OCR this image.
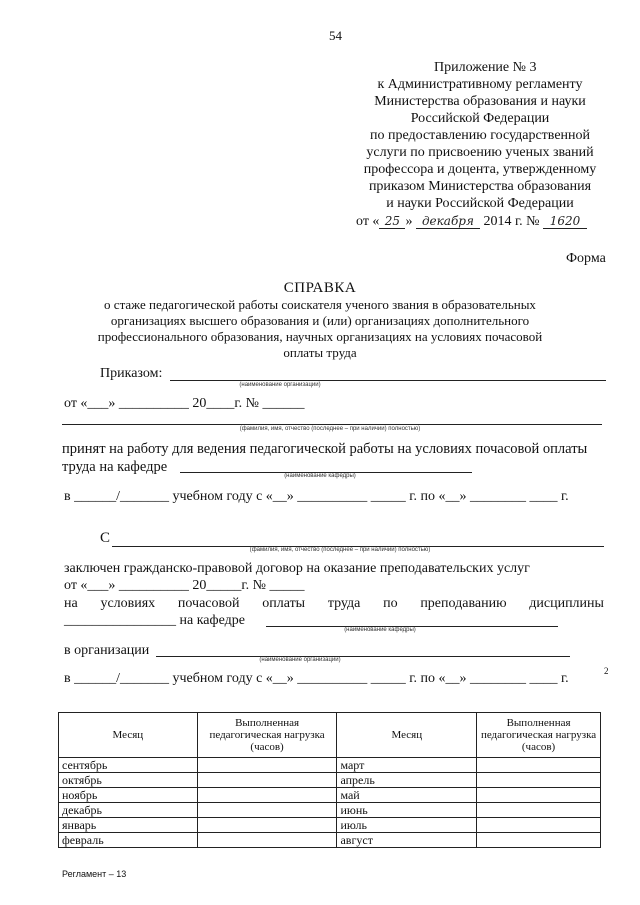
54
Приложение № 3
к Административному регламенту
Министерства образования и науки
Российской Федерации
по предоставлению государственной
услуги по присвоению ученых званий
профессора и доцента, утвержденному
приказом Министерства образования
и науки Российской Федерации
от « 25 » декабря 2014 г. № 1620
Форма
СПРАВКА
о стаже педагогической работы соискателя ученого звания в образовательных
организациях высшего образования и (или) организациях дополнительного
профессионального образования, научных организациях на условиях почасовой
оплаты труда
Приказом:
(наименование организации)
от «___» __________ 20____г. № ______
(фамилия, имя, отчество (последнее – при наличии) полностью)
принят на работу для ведения педагогической работы на условиях почасовой оплаты
труда на кафедре
(наименование кафедры)
в ______/_______ учебном году с «__» __________ _____ г. по «__» ________ ____ г.
С
(фамилия, имя, отчество (последнее – при наличии) полностью)
заключен гражданско-правовой договор на оказание преподавательских услуг
от «___» __________ 20_____г. № _____
на условиях почасовой оплаты труда по преподаванию дисциплины
________________ на кафедре
(наименование кафедры)
в организации
(наименование организации)
в ______/_______ учебном году с «__» __________ _____ г. по «__» ________ ____ г.	2
Месяц	Выполненная педагогическая нагрузка (часов)	Месяц	Выполненная педагогическая нагрузка (часов)
сентябрь		март	
октябрь		апрель	
ноябрь		май	
декабрь		июнь	
январь		июль	
февраль		август	
Регламент – 13
